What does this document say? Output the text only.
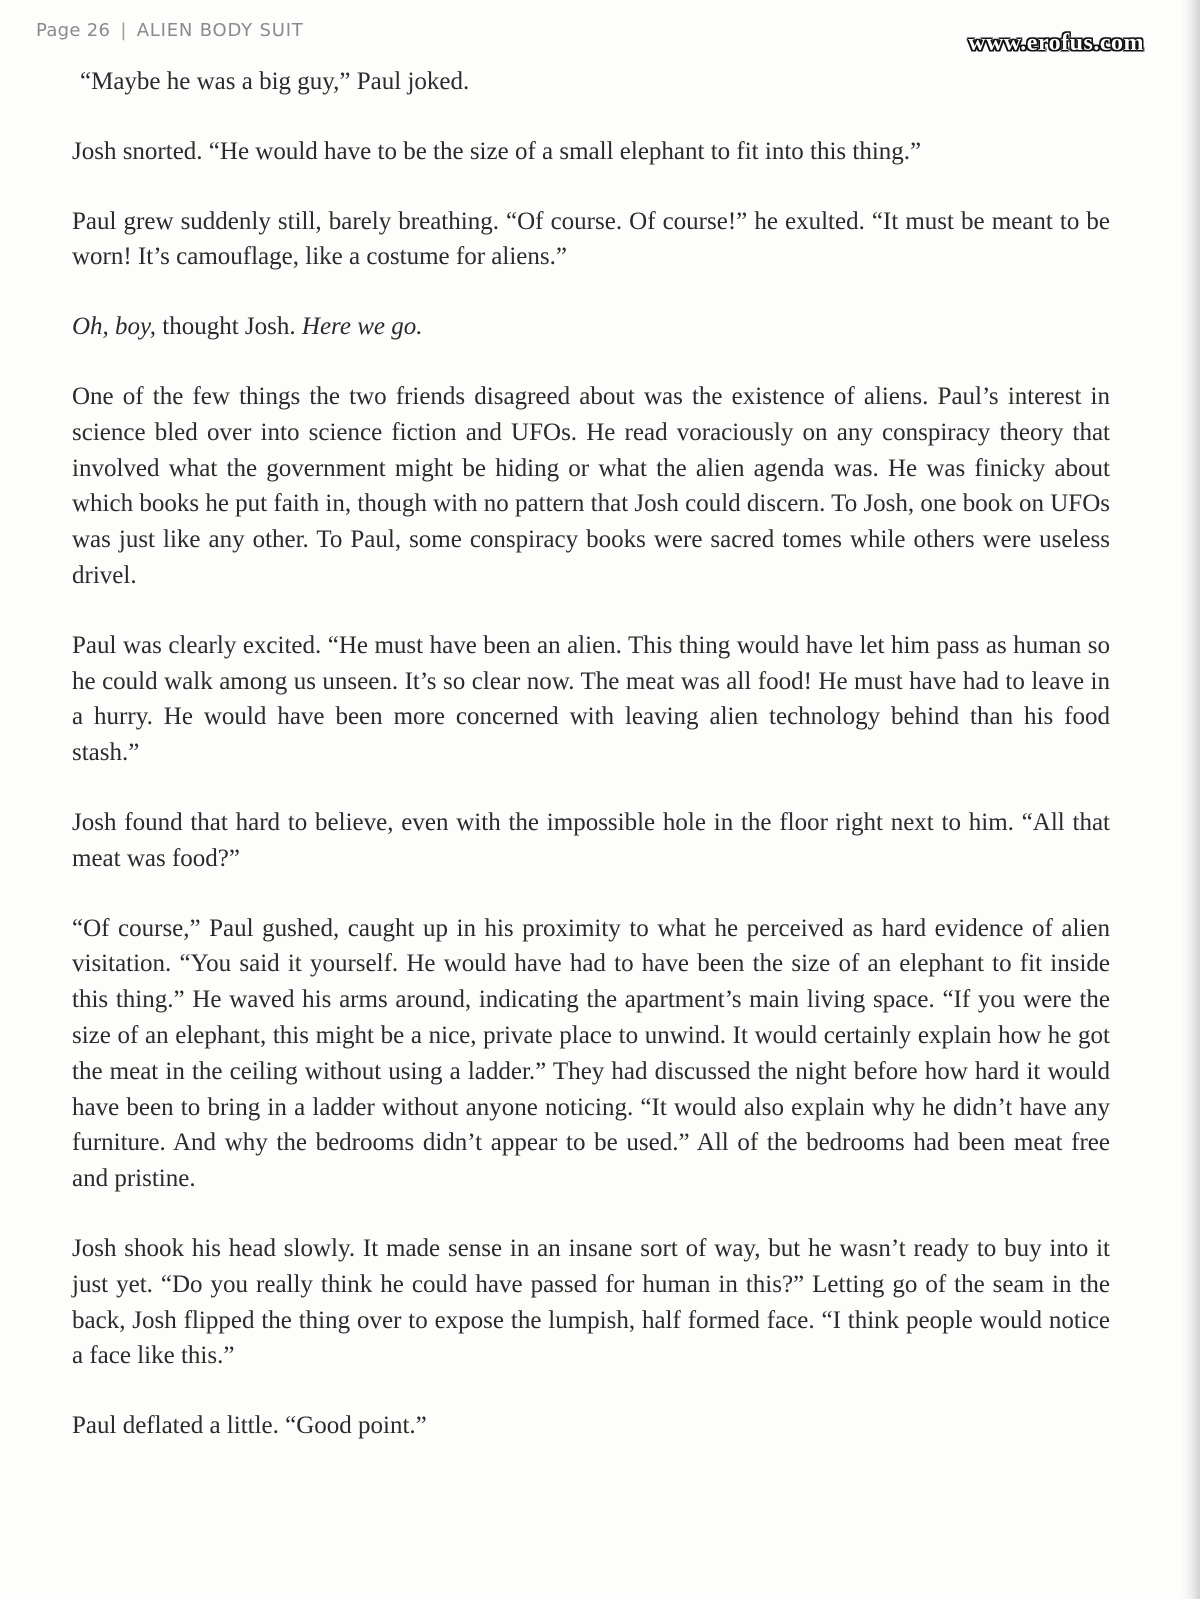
Page 26 | ALIEN BODY SUIT	www.erofus.com

“Maybe he was a big guy,” Paul joked.

Josh snorted. “He would have to be the size of a small elephant to fit into this thing.”

Paul grew suddenly still, barely breathing. “Of course. Of course!” he exulted. “It must be meant to be worn! It’s camouflage, like a costume for aliens.”

Oh, boy, thought Josh. Here we go.

One of the few things the two friends disagreed about was the existence of aliens. Paul’s interest in science bled over into science fiction and UFOs. He read voraciously on any conspiracy theory that involved what the government might be hiding or what the alien agenda was. He was finicky about which books he put faith in, though with no pattern that Josh could discern. To Josh, one book on UFOs was just like any other. To Paul, some conspiracy books were sacred tomes while others were useless drivel.

Paul was clearly excited. “He must have been an alien. This thing would have let him pass as human so he could walk among us unseen. It’s so clear now. The meat was all food! He must have had to leave in a hurry. He would have been more concerned with leaving alien technology behind than his food stash.”

Josh found that hard to believe, even with the impossible hole in the floor right next to him. “All that meat was food?”

“Of course,” Paul gushed, caught up in his proximity to what he perceived as hard evidence of alien visitation. “You said it yourself. He would have had to have been the size of an elephant to fit inside this thing.” He waved his arms around, indicating the apartment’s main living space. “If you were the size of an elephant, this might be a nice, private place to unwind. It would certainly explain how he got the meat in the ceiling without using a ladder.” They had discussed the night before how hard it would have been to bring in a ladder without anyone noticing. “It would also explain why he didn’t have any furniture. And why the bedrooms didn’t appear to be used.” All of the bedrooms had been meat free and pristine.

Josh shook his head slowly. It made sense in an insane sort of way, but he wasn’t ready to buy into it just yet. “Do you really think he could have passed for human in this?” Letting go of the seam in the back, Josh flipped the thing over to expose the lumpish, half formed face. “I think people would notice a face like this.”

Paul deflated a little. “Good point.”
